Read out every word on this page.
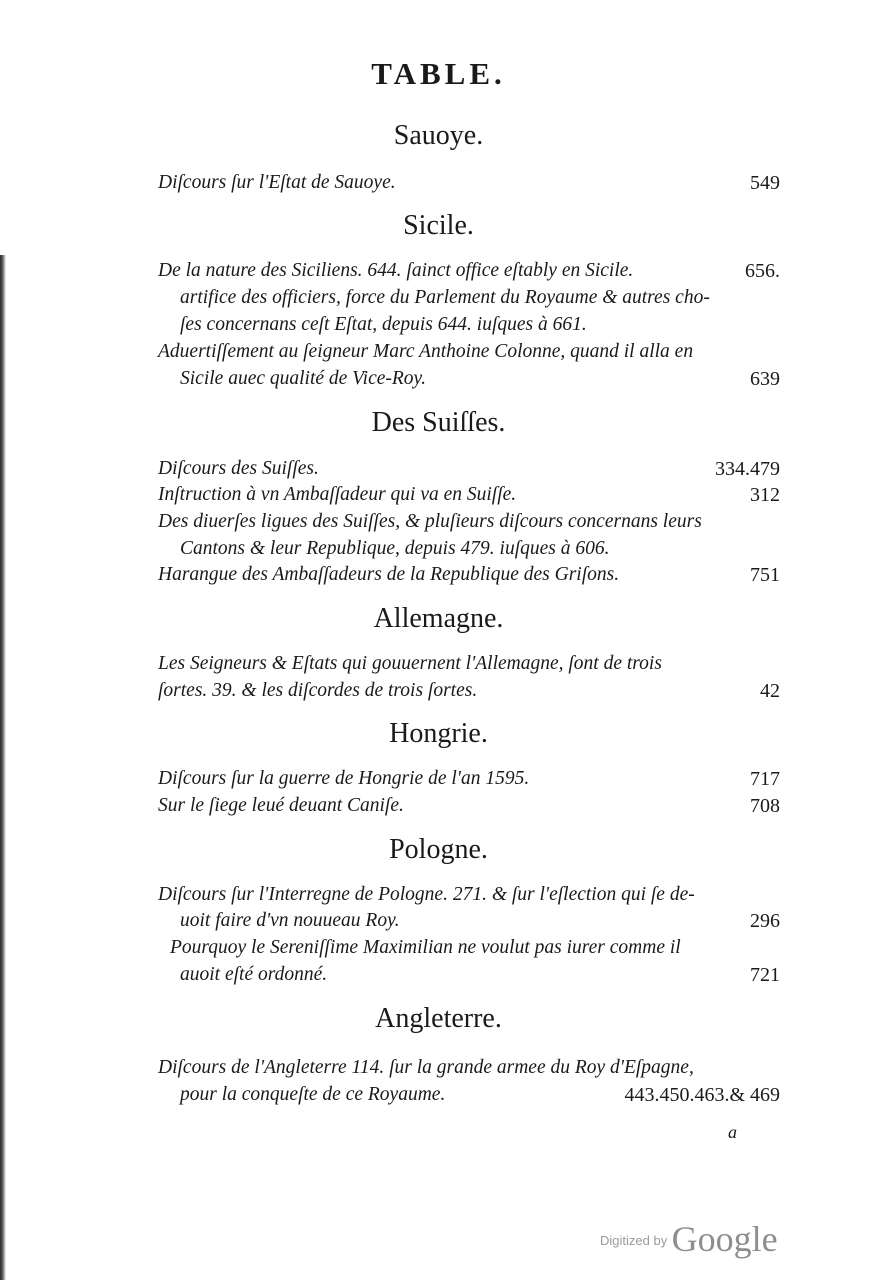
TABLE.
Sauoye.
Diſcours ſur l'Eſtat de Sauoye.	549
Sicile.
De la nature des Siciliens. 644. ſainct office eſtably en Sicile.	656.
artifice des officiers, force du Parlement du Royaume & autres cho-
ſes concernans ceſt Eſtat, depuis 644. iuſques à 661.
Aduertiſſement au ſeigneur Marc Anthoine Colonne, quand il alla en
Sicile auec qualité de Vice-Roy.	639
Des Suiſſes.
Diſcours des Suiſſes.	334.479
Inſtruction à vn Ambaſſadeur qui va en Suiſſe.	312
Des diuerſes ligues des Suiſſes, & pluſieurs diſcours concernans leurs
Cantons & leur Republique, depuis 479. iuſques à 606.
Harangue des Ambaſſadeurs de la Republique des Griſons.	751
Allemagne.
Les Seigneurs & Eſtats qui gouuernent l'Allemagne, ſont de trois
ſortes. 39. & les diſcordes de trois ſortes.	42
Hongrie.
Diſcours ſur la guerre de Hongrie de l'an 1595.	717
Sur le ſiege leué deuant Caniſe.	708
Pologne.
Diſcours ſur l'Interregne de Pologne. 271. & ſur l'eſlection qui ſe de-
uoit faire d'vn nouueau Roy.	296
Pourquoy le Sereniſſime Maximilian ne voulut pas iurer comme il
auoit eſté ordonné.	721
Angleterre.
Diſcours de l'Angleterre 114. ſur la grande armee du Roy d'Eſpagne,
pour la conqueſte de ce Royaume.	443.450.463.& 469
a
$^{Digitized by}$ Google
